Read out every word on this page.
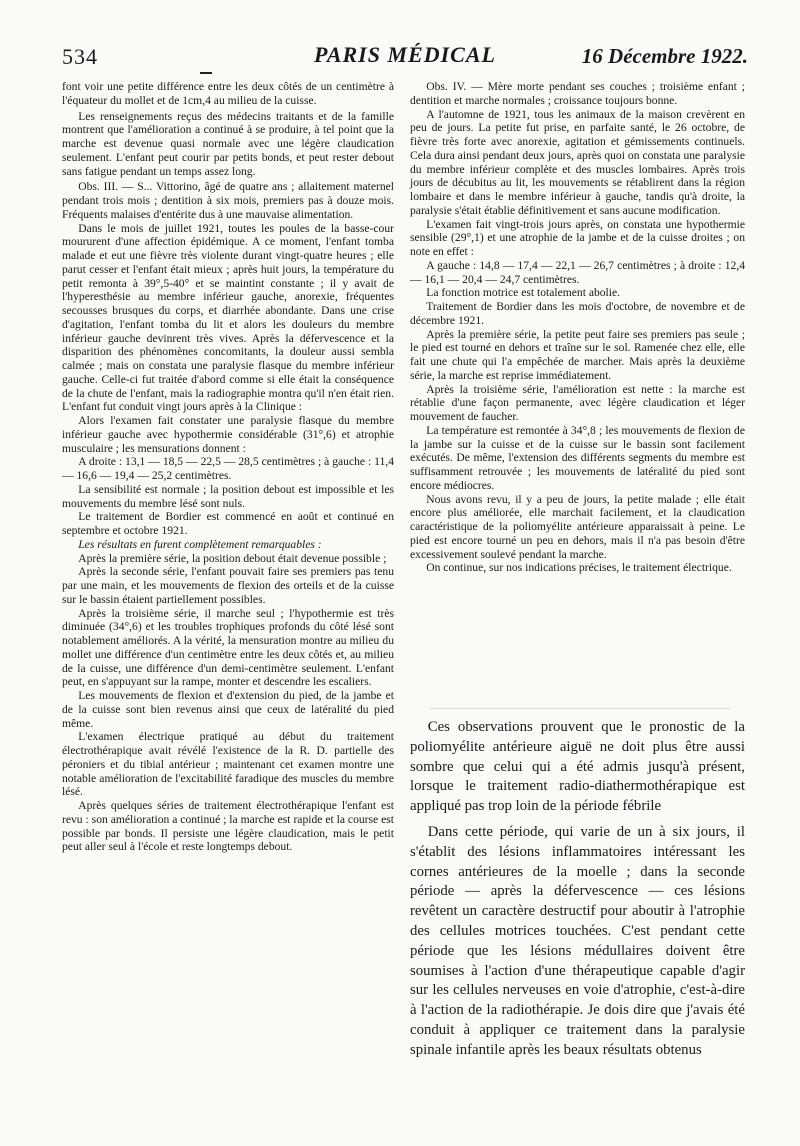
534	PARIS MÉDICAL	16 Décembre 1922.

font voir une petite différence entre les deux côtés de un centimètre à l'équateur du mollet et de 1cm,4 au milieu de la cuisse.

Les renseignements reçus des médecins traitants et de la famille montrent que l'amélioration a continué à se produire, à tel point que la marche est devenue quasi normale avec une légère claudication seulement. L'enfant peut courir par petits bonds, et peut rester debout sans fatigue pendant un temps assez long.

Obs. III. — S... Vittorino, âgé de quatre ans ; allaitement maternel pendant trois mois ; dentition à six mois, premiers pas à douze mois. Fréquents malaises d'entérite dus à une mauvaise alimentation.

Dans le mois de juillet 1921, toutes les poules de la basse-cour moururent d'une affection épidémique. A ce moment, l'enfant tomba malade et eut une fièvre très violente durant vingt-quatre heures ; elle parut cesser et l'enfant était mieux ; après huit jours, la température du petit remonta à 39°,5-40° et se maintint constante ; il y avait de l'hyperesthésie au membre inférieur gauche, anorexie, fréquentes secousses brusques du corps, et diarrhée abondante. Dans une crise d'agitation, l'enfant tomba du lit et alors les douleurs du membre inférieur gauche devinrent très vives. Après la défervescence et la disparition des phénomènes concomitants, la douleur aussi sembla calmée ; mais on constata une paralysie flasque du membre inférieur gauche. Celle-ci fut traitée d'abord comme si elle était la conséquence de la chute de l'enfant, mais la radiographie montra qu'il n'en était rien. L'enfant fut conduit vingt jours après à la Clinique :

Alors l'examen fait constater une paralysie flasque du membre inférieur gauche avec hypothermie considérable (31°,6) et atrophie musculaire ; les mensurations donnent :

A droite : 13,1 — 18,5 — 22,5 — 28,5 centimètres ; à gauche : 11,4 — 16,6 — 19,4 — 25,2 centimètres.

La sensibilité est normale ; la position debout est impossible et les mouvements du membre lésé sont nuls.

Le traitement de Bordier est commencé en août et continué en septembre et octobre 1921.

Les résultats en furent complètement remarquables :

Après la première série, la position debout était devenue possible ;

Après la seconde série, l'enfant pouvait faire ses premiers pas tenu par une main, et les mouvements de flexion des orteils et de la cuisse sur le bassin étaient partiellement possibles.

Après la troisième série, il marche seul ; l'hypothermie est très diminuée (34°,6) et les troubles trophiques profonds du côté lésé sont notablement améliorés. A la vérité, la mensuration montre au milieu du mollet une différence d'un centimètre entre les deux côtés et, au milieu de la cuisse, une différence d'un demi-centimètre seulement. L'enfant peut, en s'appuyant sur la rampe, monter et descendre les escaliers.

Les mouvements de flexion et d'extension du pied, de la jambe et de la cuisse sont bien revenus ainsi que ceux de latéralité du pied même.

L'examen électrique pratiqué au début du traitement électrothérapique avait révélé l'existence de la R. D. partielle des péroniers et du tibial antérieur ; maintenant cet examen montre une notable amélioration de l'excitabilité faradique des muscles du membre lésé.

Après quelques séries de traitement électrothérapique l'enfant est revu : son amélioration a continué ; la marche est rapide et la course est possible par bonds. Il persiste une légère claudication, mais le petit peut aller seul à l'école et reste longtemps debout.

Obs. IV. — Mère morte pendant ses couches ; troisième enfant ; dentition et marche normales ; croissance toujours bonne.

A l'automne de 1921, tous les animaux de la maison crevèrent en peu de jours. La petite fut prise, en parfaite santé, le 26 octobre, de fièvre très forte avec anorexie, agitation et gémissements continuels. Cela dura ainsi pendant deux jours, après quoi on constata une paralysie du membre inférieur complète et des muscles lombaires. Après trois jours de décubitus au lit, les mouvements se rétablirent dans la région lombaire et dans le membre inférieur à gauche, tandis qu'à droite, la paralysie s'était établie définitivement et sans aucune modification.

L'examen fait vingt-trois jours après, on constata une hypothermie sensible (29°,1) et une atrophie de la jambe et de la cuisse droites ; on note en effet :

A gauche : 14,8 — 17,4 — 22,1 — 26,7 centimètres ; à droite : 12,4 — 16,1 — 20,4 — 24,7 centimètres.

La fonction motrice est totalement abolie.

Traitement de Bordier dans les mois d'octobre, de novembre et de décembre 1921.

Après la première série, la petite peut faire ses premiers pas seule ; le pied est tourné en dehors et traîne sur le sol. Ramenée chez elle, elle fait une chute qui l'a empêchée de marcher. Mais après la deuxième série, la marche est reprise immédiatement.

Après la troisième série, l'amélioration est nette : la marche est rétablie d'une façon permanente, avec légère claudication et léger mouvement de faucher.

La température est remontée à 34°,8 ; les mouvements de flexion de la jambe sur la cuisse et de la cuisse sur le bassin sont facilement exécutés. De même, l'extension des différents segments du membre est suffisamment retrouvée ; les mouvements de latéralité du pied sont encore médiocres.

Nous avons revu, il y a peu de jours, la petite malade ; elle était encore plus améliorée, elle marchait facilement, et la claudication caractéristique de la poliomyélite antérieure apparaissait à peine. Le pied est encore tourné un peu en dehors, mais il n'a pas besoin d'être excessivement soulevé pendant la marche.

On continue, sur nos indications précises, le traitement électrique.

Ces observations prouvent que le pronostic de la poliomyélite antérieure aiguë ne doit plus être aussi sombre que celui qui a été admis jusqu'à présent, lorsque le traitement radio-diathermothérapique est appliqué pas trop loin de la période fébrile

Dans cette période, qui varie de un à six jours, il s'établit des lésions inflammatoires intéressant les cornes antérieures de la moelle ; dans la seconde période — après la défervescence — ces lésions revêtent un caractère destructif pour aboutir à l'atrophie des cellules motrices touchées. C'est pendant cette période que les lésions médullaires doivent être soumises à l'action d'une thérapeutique capable d'agir sur les cellules nerveuses en voie d'atrophie, c'est-à-dire à l'action de la radiothérapie. Je dois dire que j'avais été conduit à appliquer ce traitement dans la paralysie spinale infantile après les beaux résultats obtenus
